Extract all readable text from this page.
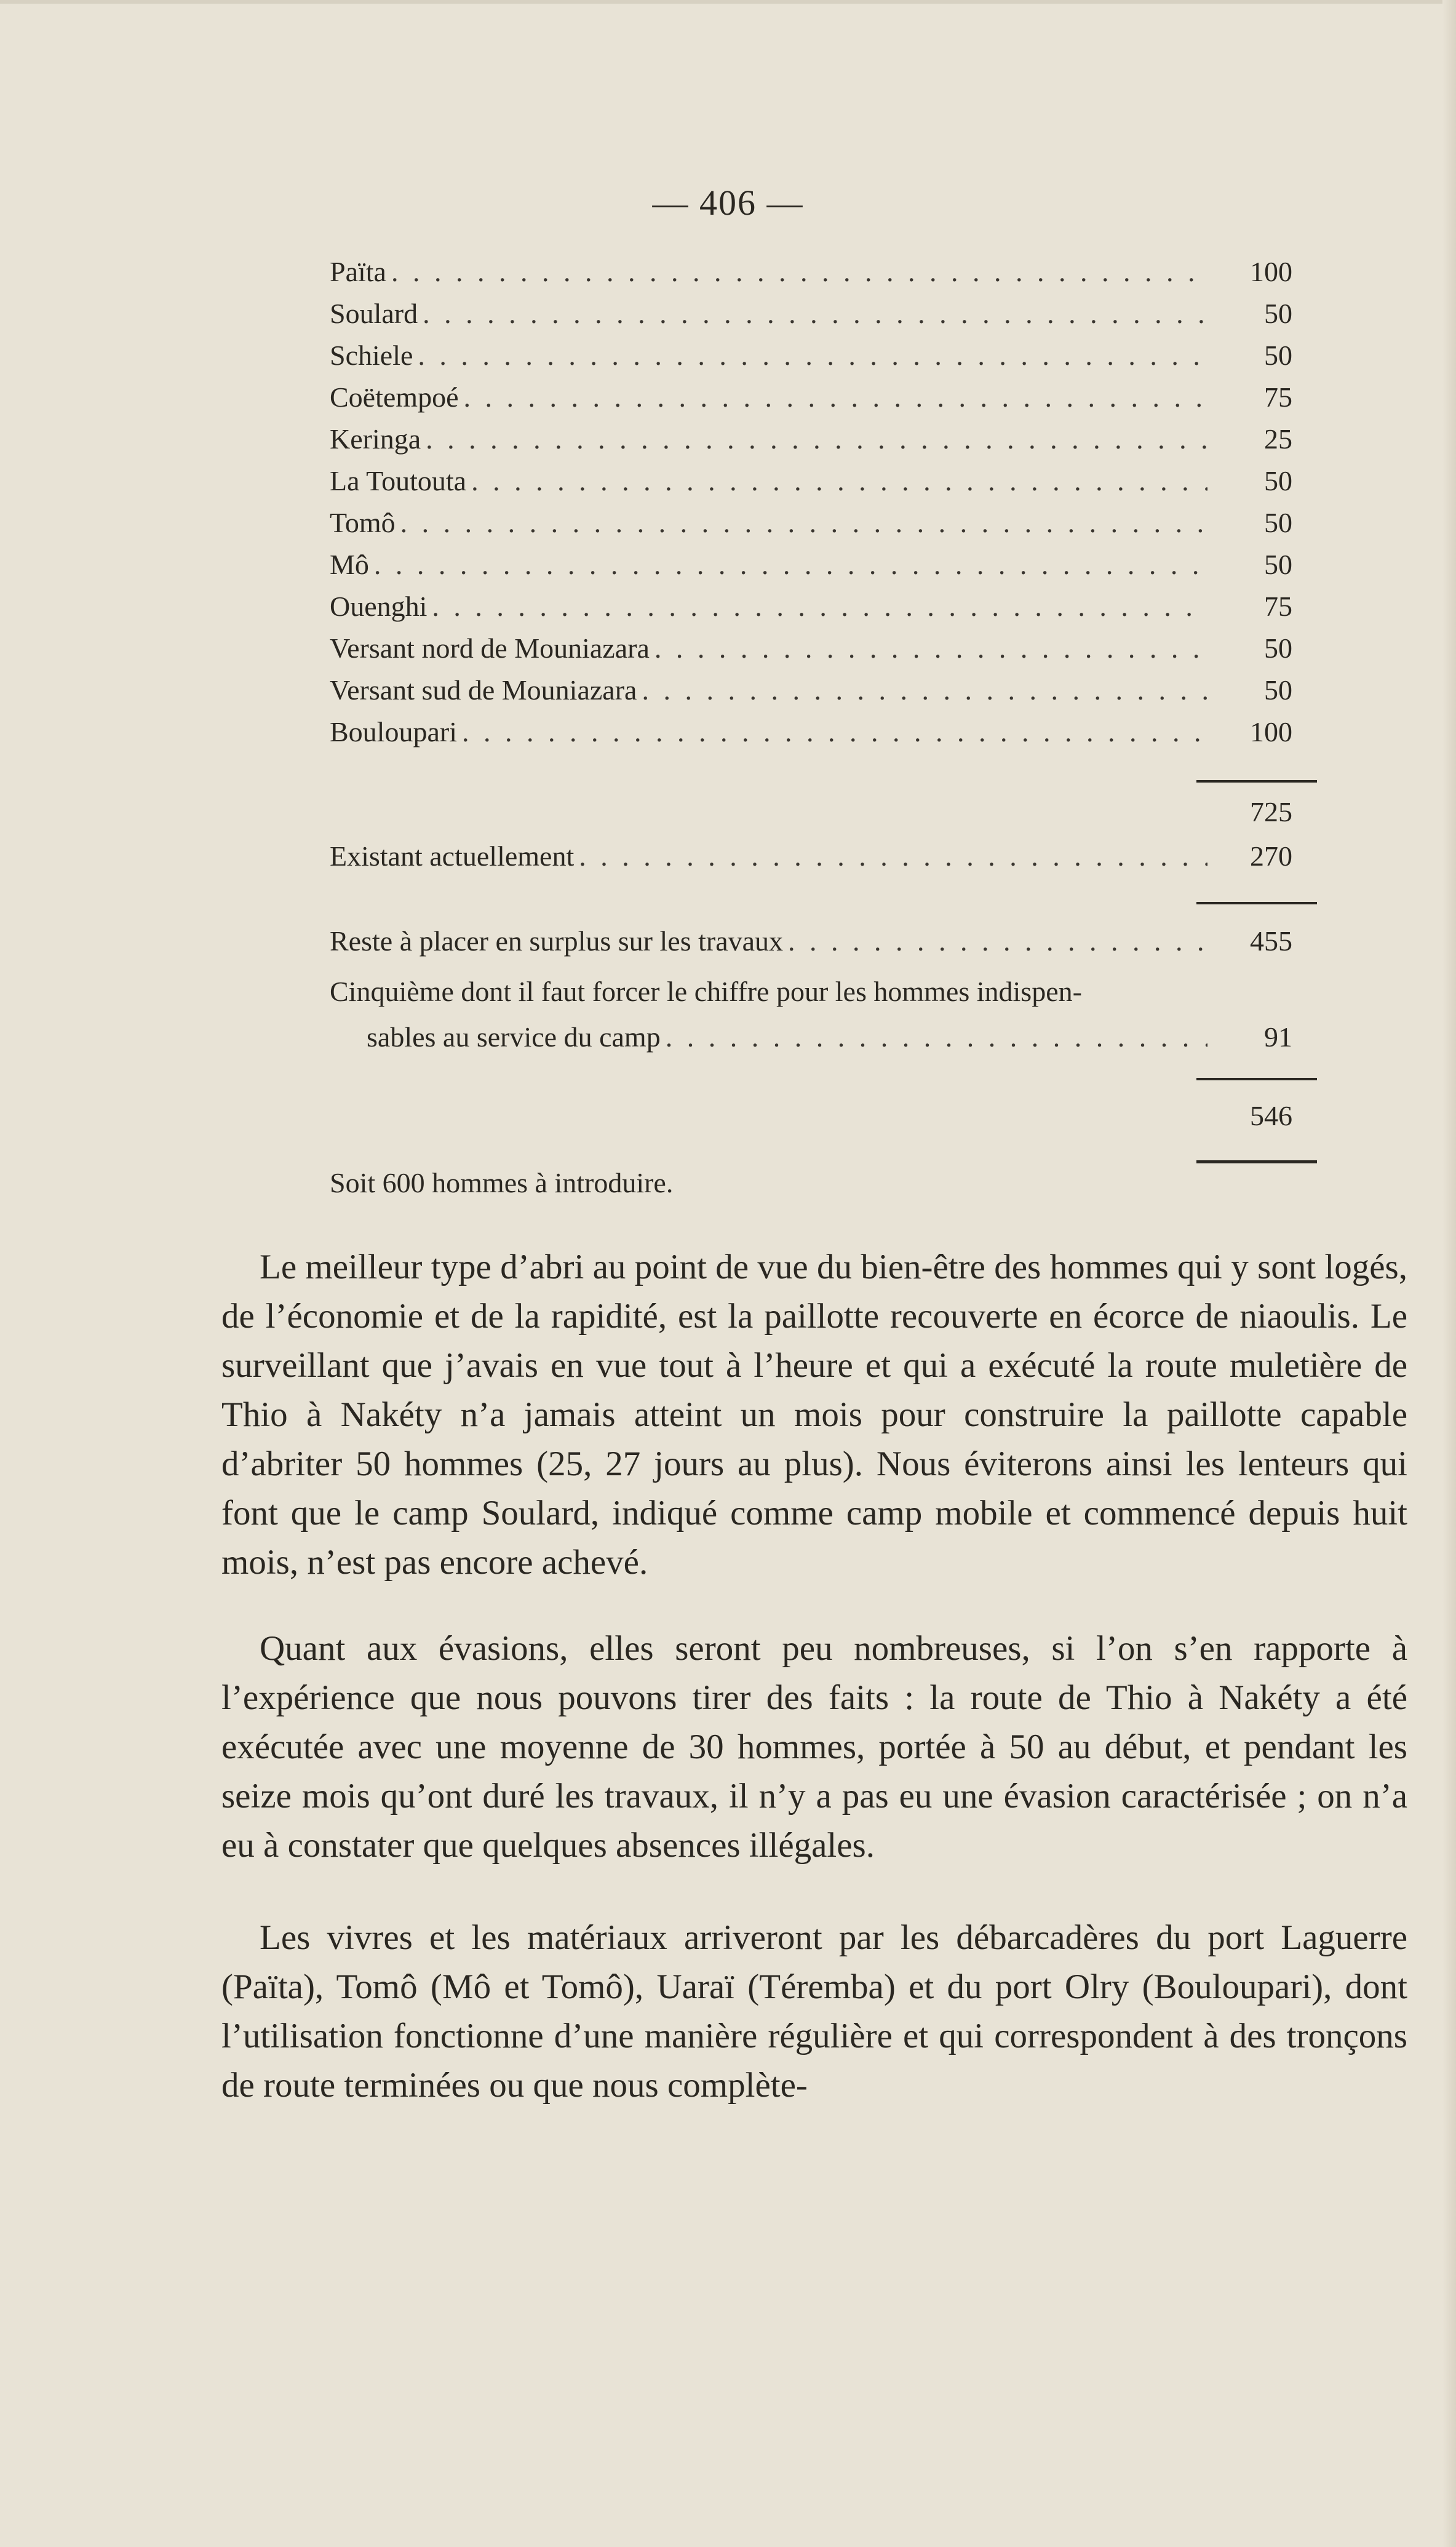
— 406 —
Païta . . .	100
Soulard . . .	50
Schiele . . .	50
Coëtempoé . . .	75
Keringa . . .	25
La Toutouta . . .	50
Tomô . . .	50
Mô . . .	50
Ouenghi . . .	75
Versant nord de Mouniazara . . .	50
Versant sud de Mouniazara . . .	50
Bouloupari . . .	100
725
Existant actuellement . . .	270
Reste à placer en surplus sur les travaux . . .	455
Cinquième dont il faut forcer le chiffre pour les hommes indispen-
sables au service du camp . . .	91
546
Soit 600 hommes à introduire.

Le meilleur type d’abri au point de vue du bien-être des hommes qui y sont logés, de l’économie et de la rapidité, est la paillotte recouverte en écorce de niaoulis. Le surveillant que j’avais en vue tout à l’heure et qui a exécuté la route muletière de Thio à Nakéty n’a jamais atteint un mois pour construire la paillotte capable d’abriter 50 hommes (25, 27 jours au plus). Nous éviterons ainsi les lenteurs qui font que le camp Soulard, indiqué comme camp mobile et commencé depuis huit mois, n’est pas encore achevé.

Quant aux évasions, elles seront peu nombreuses, si l’on s’en rapporte à l’expérience que nous pouvons tirer des faits : la route de Thio à Nakéty a été exécutée avec une moyenne de 30 hommes, portée à 50 au début, et pendant les seize mois qu’ont duré les travaux, il n’y a pas eu une évasion caractérisée ; on n’a eu à constater que quelques absences illégales.

Les vivres et les matériaux arriveront par les débarcadères du port Laguerre (Païta), Tomô (Mô et Tomô), Uaraï (Téremba) et du port Olry (Bouloupari), dont l’utilisation fonctionne d’une manière régulière et qui correspondent à des tronçons de route terminées ou que nous complète-
